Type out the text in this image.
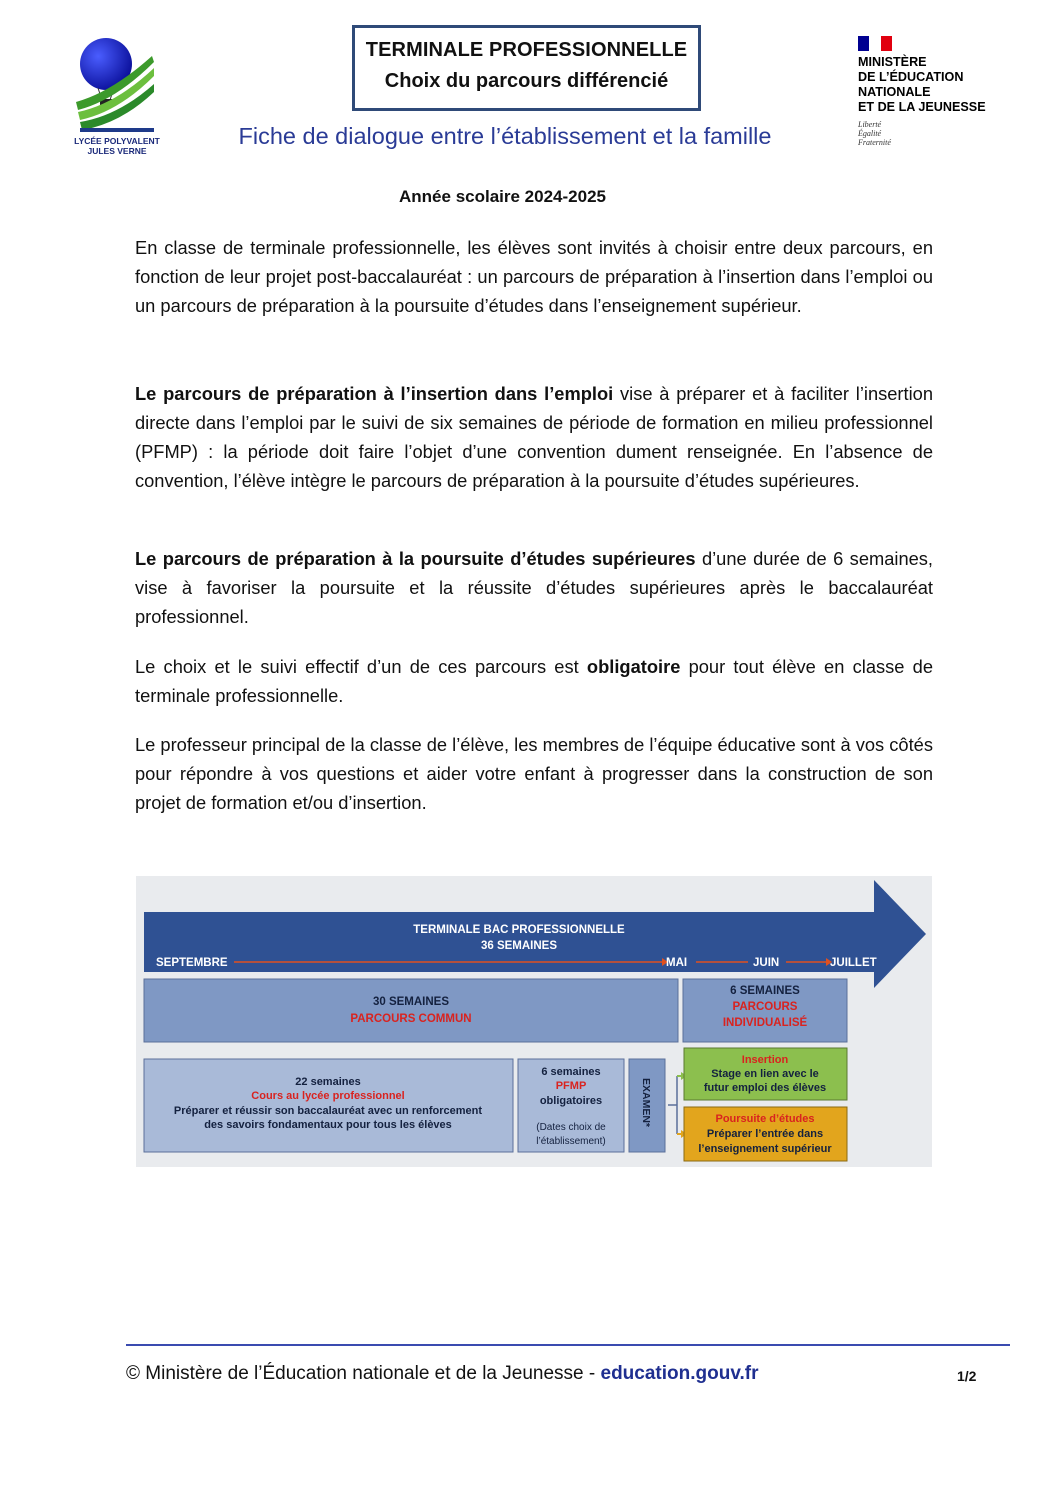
LYCÉE POLYVALENT
JULES VERNE
TERMINALE PROFESSIONNELLE
Choix du parcours différencié
Fiche de dialogue entre l’établissement et la famille
MINISTÈRE
DE L’ÉDUCATION
NATIONALE
ET DE LA JEUNESSE
Liberté
Égalité
Fraternité
Année scolaire 2024-2025
En classe de terminale professionnelle, les élèves sont invités à choisir entre deux parcours, en fonction de leur projet post-baccalauréat : un parcours de préparation à l’insertion dans l’emploi ou un parcours de préparation à la poursuite d’études dans l’enseignement supérieur.
Le parcours de préparation à l’insertion dans l’emploi vise à préparer et à faciliter l’insertion directe dans l’emploi par le suivi de six semaines de période de formation en milieu professionnel (PFMP) : la période doit faire l’objet d’une convention dument renseignée. En l’absence de convention, l’élève intègre le parcours de préparation à la poursuite d’études supérieures.
Le parcours de préparation à la poursuite d’études supérieures d’une durée de 6 semaines, vise à favoriser la poursuite et la réussite d’études supérieures après le baccalauréat professionnel.
Le choix et le suivi effectif d’un de ces parcours est obligatoire pour tout élève en classe de terminale professionnelle.
Le professeur principal de la classe de l’élève, les membres de l’équipe éducative sont à vos côtés pour répondre à vos questions et aider votre enfant à progresser dans la construction de son projet de formation et/ou d’insertion.
TERMINALE BAC PROFESSIONNELLE
36 SEMAINES
SEPTEMBRE	MAI	JUIN	JUILLET
30 SEMAINES
PARCOURS COMMUN
6 SEMAINES
PARCOURS
INDIVIDUALISÉ
22 semaines
Cours au lycée professionnel
Préparer et réussir son baccalauréat avec un renforcement
des savoirs fondamentaux pour tous les élèves
6 semaines
PFMP
obligatoires
(Dates choix de
l’établissement)
EXAMEN*
Insertion
Stage en lien avec le
futur emploi des élèves
Poursuite d’études
Préparer l’entrée dans
l’enseignement supérieur
© Ministère de l’Éducation nationale et de la Jeunesse - education.gouv.fr	1/2
